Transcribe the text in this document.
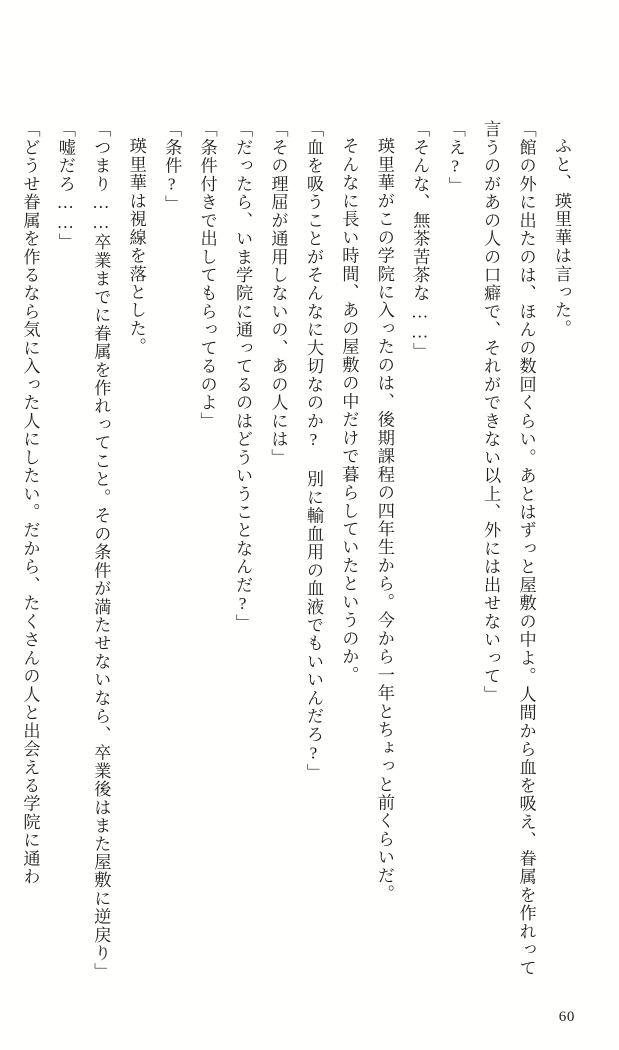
ふと、瑛里華は言った。

「館の外に出たのは、ほんの数回くらい。あとはずっと屋敷の中よ。人間から血を吸え、眷属を作れって言うのがあの人の口癖で、それができない以上、外には出せないって」

「え?」

「そんな、無茶苦茶な……」

瑛里華がこの学院に入ったのは、後期課程の四年生から。今から一年とちょっと前くらいだ。

そんなに長い時間、あの屋敷の中だけで暮らしていたというのか。

「血を吸うことがそんなに大切なのか? 別に輸血用の血液でもいいんだろ?」

「その理屈が通用しないの、あの人には」

「だったら、いま学院に通ってるのはどういうことなんだ?」

「条件付きで出してもらってるのよ」

「条件?」

瑛里華は視線を落とした。

「つまり……卒業までに眷属を作れってこと。その条件が満たせないなら、卒業後はまた屋敷に逆戻り」

「嘘だろ……」

「どうせ眷属を作るなら気に入った人にしたい。だから、たくさんの人と出会える学院に通わ

60
